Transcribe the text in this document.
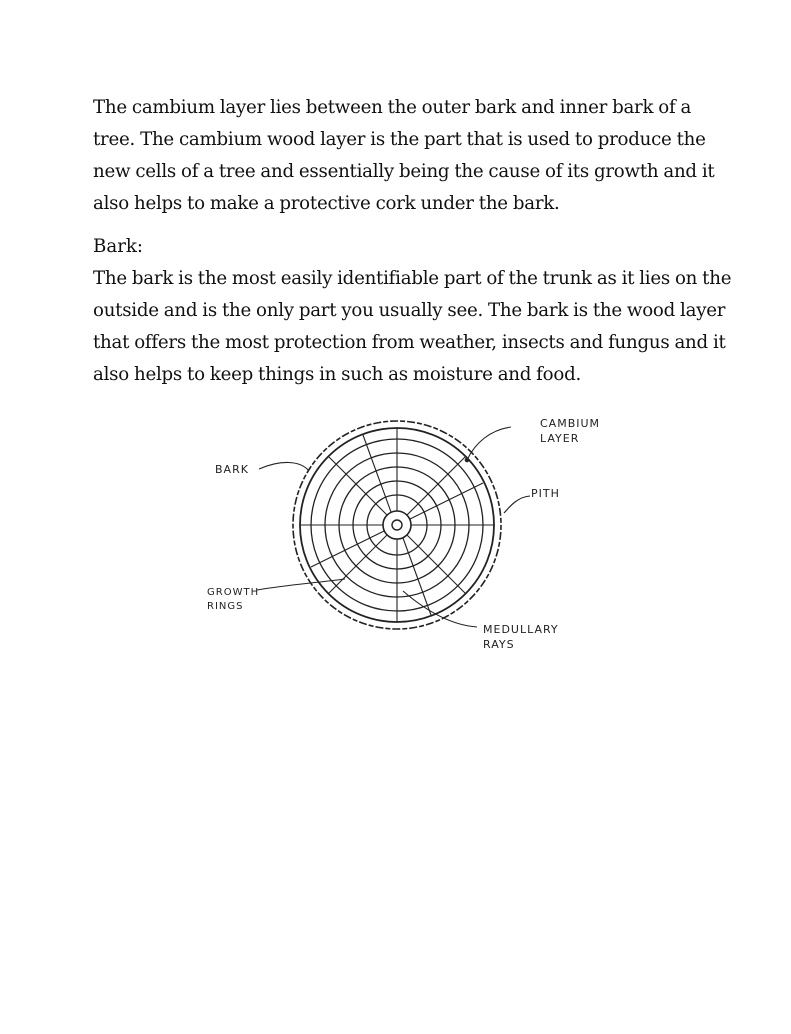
The cambium layer lies between the outer bark and inner bark of a tree. The cambium wood layer is the part that is used to produce the new cells of a tree and essentially being the cause of its growth and it also helps to make a protective cork under the bark.

Bark:

The bark is the most easily identifiable part of the trunk as it lies on the outside and is the only part you usually see. The bark is the wood layer that offers the most protection from weather, insects and fungus and it also helps to keep things in such as moisture and food.

BARK
CAMBIUM
LAYER
PITH
GROWTH
RINGS
MEDULLARY
RAYS
